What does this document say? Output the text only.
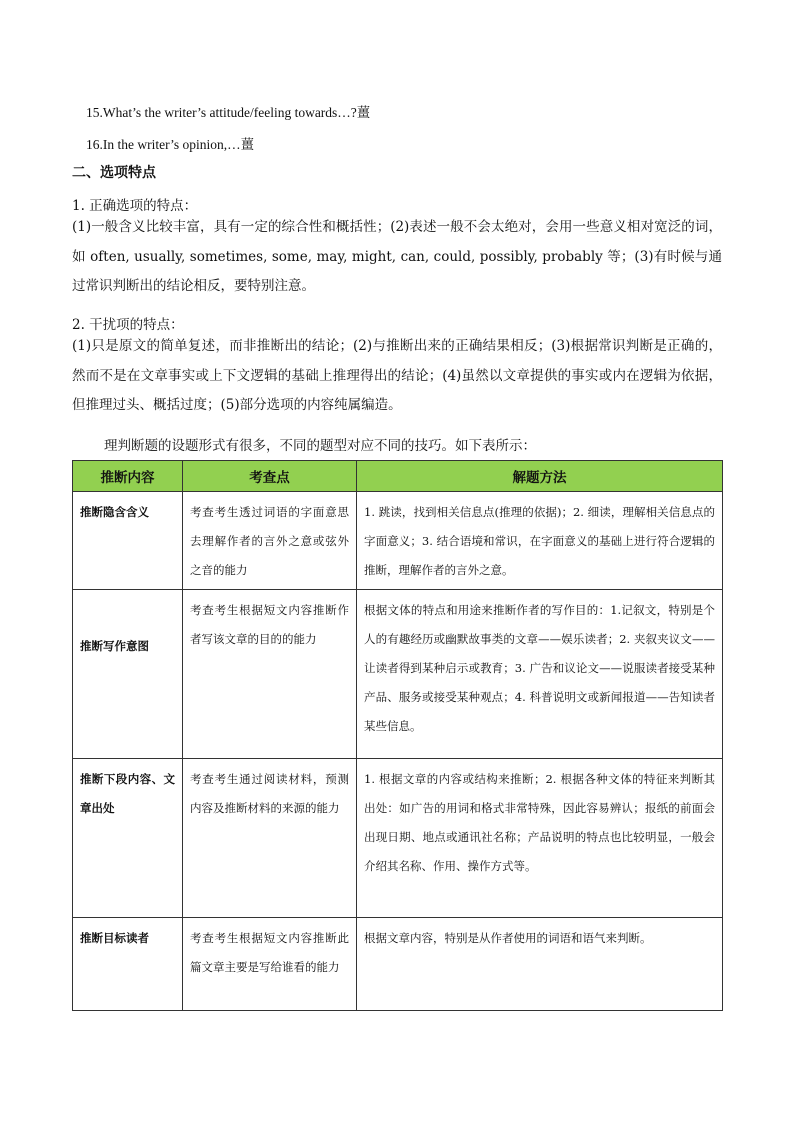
15.What’s the writer’s attitude/feeling towards…?薑
16.In the writer’s opinion,…薑
二、选项特点
1. 正确选项的特点：
(1)一般含义比较丰富，具有一定的综合性和概括性；(2)表述一般不会太绝对，会用一些意义相对宽泛的词，如 often, usually, sometimes, some, may, might, can, could, possibly, probably 等；(3)有时候与通过常识判断出的结论相反，要特别注意。
2. 干扰项的特点：
(1)只是原文的简单复述，而非推断出的结论；(2)与推断出来的正确结果相反；(3)根据常识判断是正确的，然而不是在文章事实或上下文逻辑的基础上推理得出的结论；(4)虽然以文章提供的事实或内在逻辑为依据，但推理过头、概括过度；(5)部分选项的内容纯属编造。
理判断题的设题形式有很多，不同的题型对应不同的技巧。如下表所示：
推断内容	考查点	解题方法
推断隐含含义	考查考生透过词语的字面意思去理解作者的言外之意或弦外之音的能力	1. 跳读，找到相关信息点(推理的依据)；2. 细读，理解相关信息点的字面意义；3. 结合语境和常识，在字面意义的基础上进行符合逻辑的推断，理解作者的言外之意。
推断写作意图	考查考生根据短文内容推断作者写该文章的目的的能力	根据文体的特点和用途来推断作者的写作目的：1.记叙文，特别是个人的有趣经历或幽默故事类的文章——娱乐读者；2. 夹叙夹议文——让读者得到某种启示或教育；3. 广告和议论文——说服读者接受某种产品、服务或接受某种观点；4. 科普说明文或新闻报道——告知读者某些信息。
推断下段内容、文章出处	考查考生通过阅读材料，预测内容及推断材料的来源的能力	1. 根据文章的内容或结构来推断；2. 根据各种文体的特征来判断其出处：如广告的用词和格式非常特殊，因此容易辨认；报纸的前面会出现日期、地点或通讯社名称；产品说明的特点也比较明显，一般会介绍其名称、作用、操作方式等。
推断目标读者	考查考生根据短文内容推断此篇文章主要是写给谁看的能力	根据文章内容，特别是从作者使用的词语和语气来判断。
